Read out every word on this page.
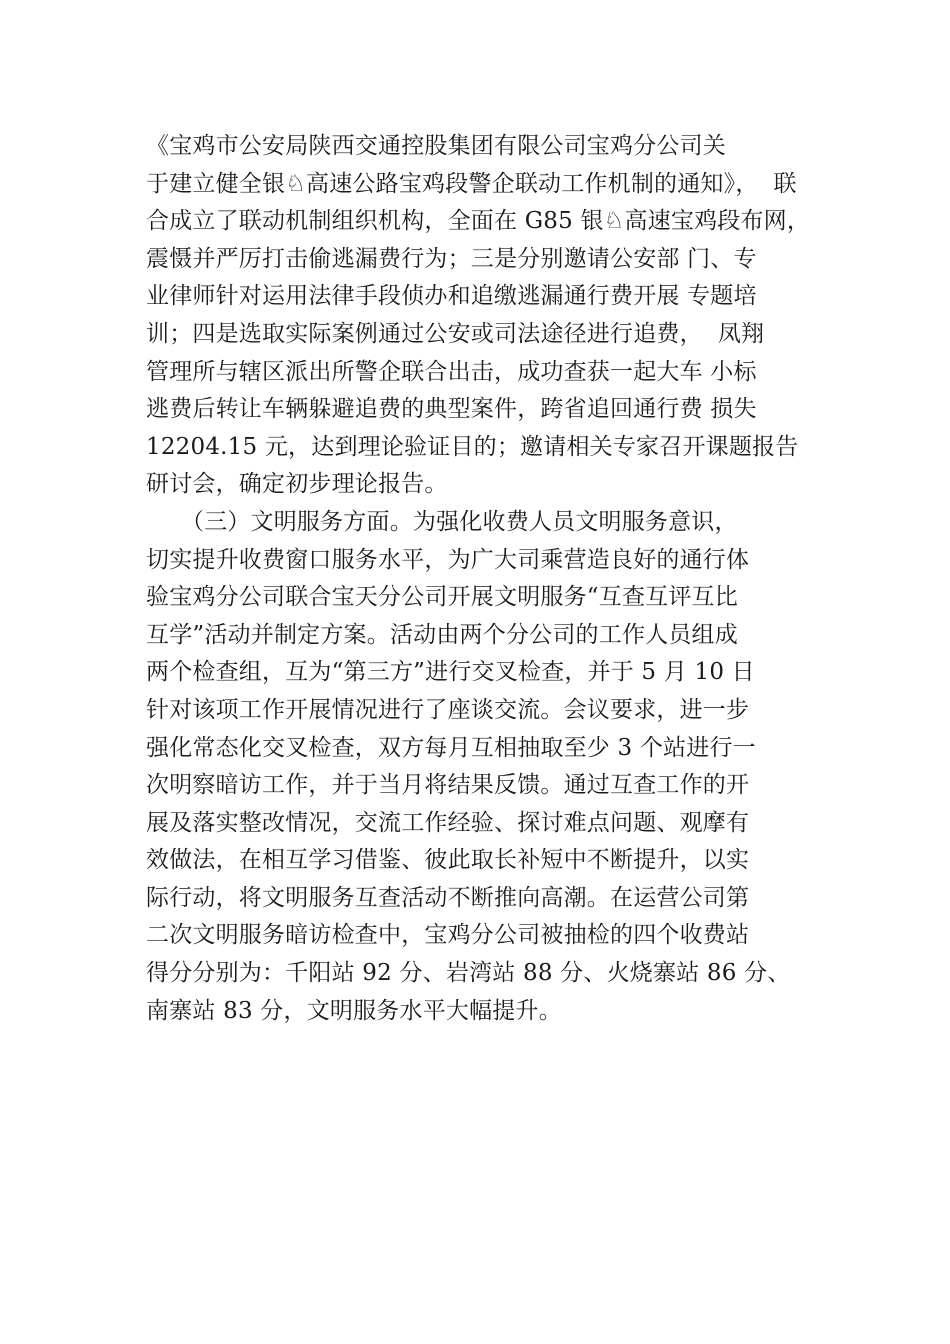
《宝鸡市公安局陕西交通控股集团有限公司宝鸡分公司关
于建立健全银♘高速公路宝鸡段警企联动工作机制的通知》，  联
合成立了联动机制组织机构，全面在 G85 银♘高速宝鸡段布网，
震慑并严厉打击偷逃漏费行为；三是分别邀请公安部 门、专
业律师针对运用法律手段侦办和追缴逃漏通行费开展 专题培
训；四是选取实际案例通过公安或司法途径进行追费，  凤翔
管理所与辖区派出所警企联合出击，成功查获一起大车 小标
逃费后转让车辆躲避追费的典型案件，跨省追回通行费 损失
12204.15 元，达到理论验证目的；邀请相关专家召开课题报告
研讨会，确定初步理论报告。
　　（三）文明服务方面。为强化收费人员文明服务意识，
切实提升收费窗口服务水平，为广大司乘营造良好的通行体
验宝鸡分公司联合宝天分公司开展文明服务“互查互评互比
互学”活动并制定方案。活动由两个分公司的工作人员组成
两个检查组，互为“第三方”进行交叉检查，并于 5 月 10 日
针对该项工作开展情况进行了座谈交流。会议要求，进一步
强化常态化交叉检查，双方每月互相抽取至少 3 个站进行一
次明察暗访工作，并于当月将结果反馈。通过互查工作的开
展及落实整改情况，交流工作经验、探讨难点问题、观摩有
效做法，在相互学习借鉴、彼此取长补短中不断提升，以实
际行动，将文明服务互查活动不断推向高潮。在运营公司第
二次文明服务暗访检查中，宝鸡分公司被抽检的四个收费站
得分分别为：千阳站 92 分、岩湾站 88 分、火烧寨站 86 分、
南寨站 83 分，文明服务水平大幅提升。
